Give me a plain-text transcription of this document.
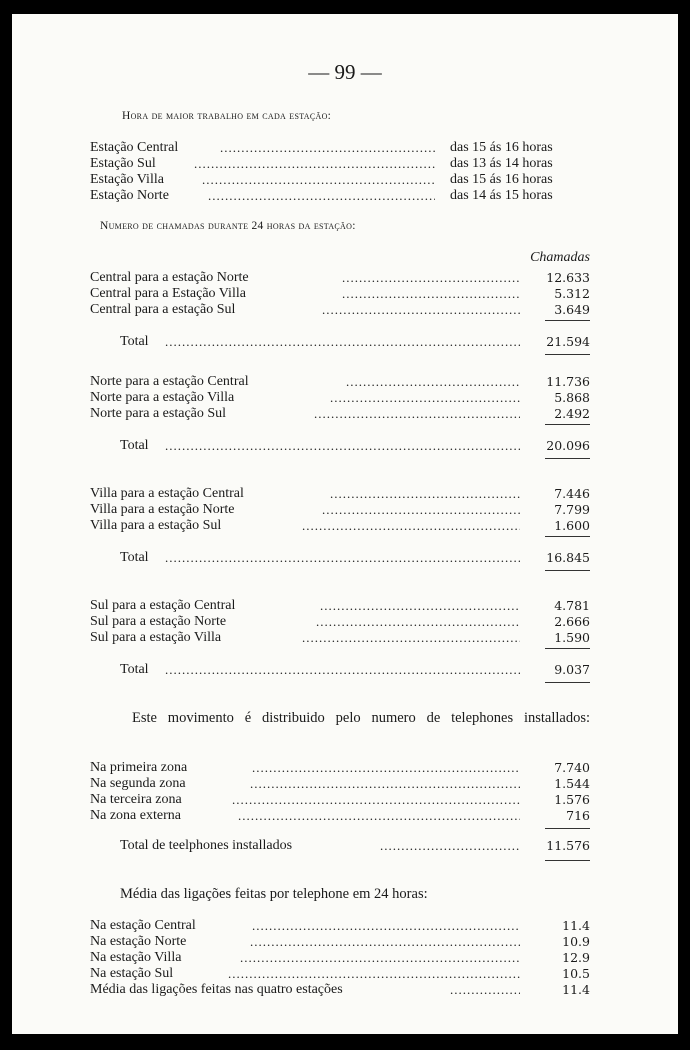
— 99 —
Hora de maior trabalho em cada estação:
Estação Central .....	das 15 ás 16 horas
Estação Sul .....	das 13 ás 14 horas
Estação Villa .....	das 15 ás 16 horas
Estação Norte .....	das 14 ás 15 horas
Numero de chamadas durante 24 horas da estação:
Chamadas
Central para a estação Norte .....	12.633
Central para a Estação Villa .....	5.312
Central para a estação Sul .....	3.649
Total .....	21.594
Norte para a estação Central .....	11.736
Norte para a estação Villa .....	5.868
Norte para a estação Sul .....	2.492
Total .....	20.096
Villa para a estação Central .....	7.446
Villa para a estação Norte .....	7.799
Villa para a estação Sul .....	1.600
Total .....	16.845
Sul para a estação Central .....	4.781
Sul para a estação Norte .....	2.666
Sul para a estação Villa .....	1.590
Total .....	9.037
Este movimento é distribuido pelo numero de telephones installados:
Na primeira zona .....	7.740
Na segunda zona .....	1.544
Na terceira zona .....	1.576
Na zona externa .....	716
Total de teelphones installados .....	11.576
Média das ligações feitas por telephone em 24 horas:
Na estação Central .....	11.4
Na estação Norte .....	10.9
Na estação Villa .....	12.9
Na estação Sul .....	10.5
Média das ligações feitas nas quatro estações .....	11.4
